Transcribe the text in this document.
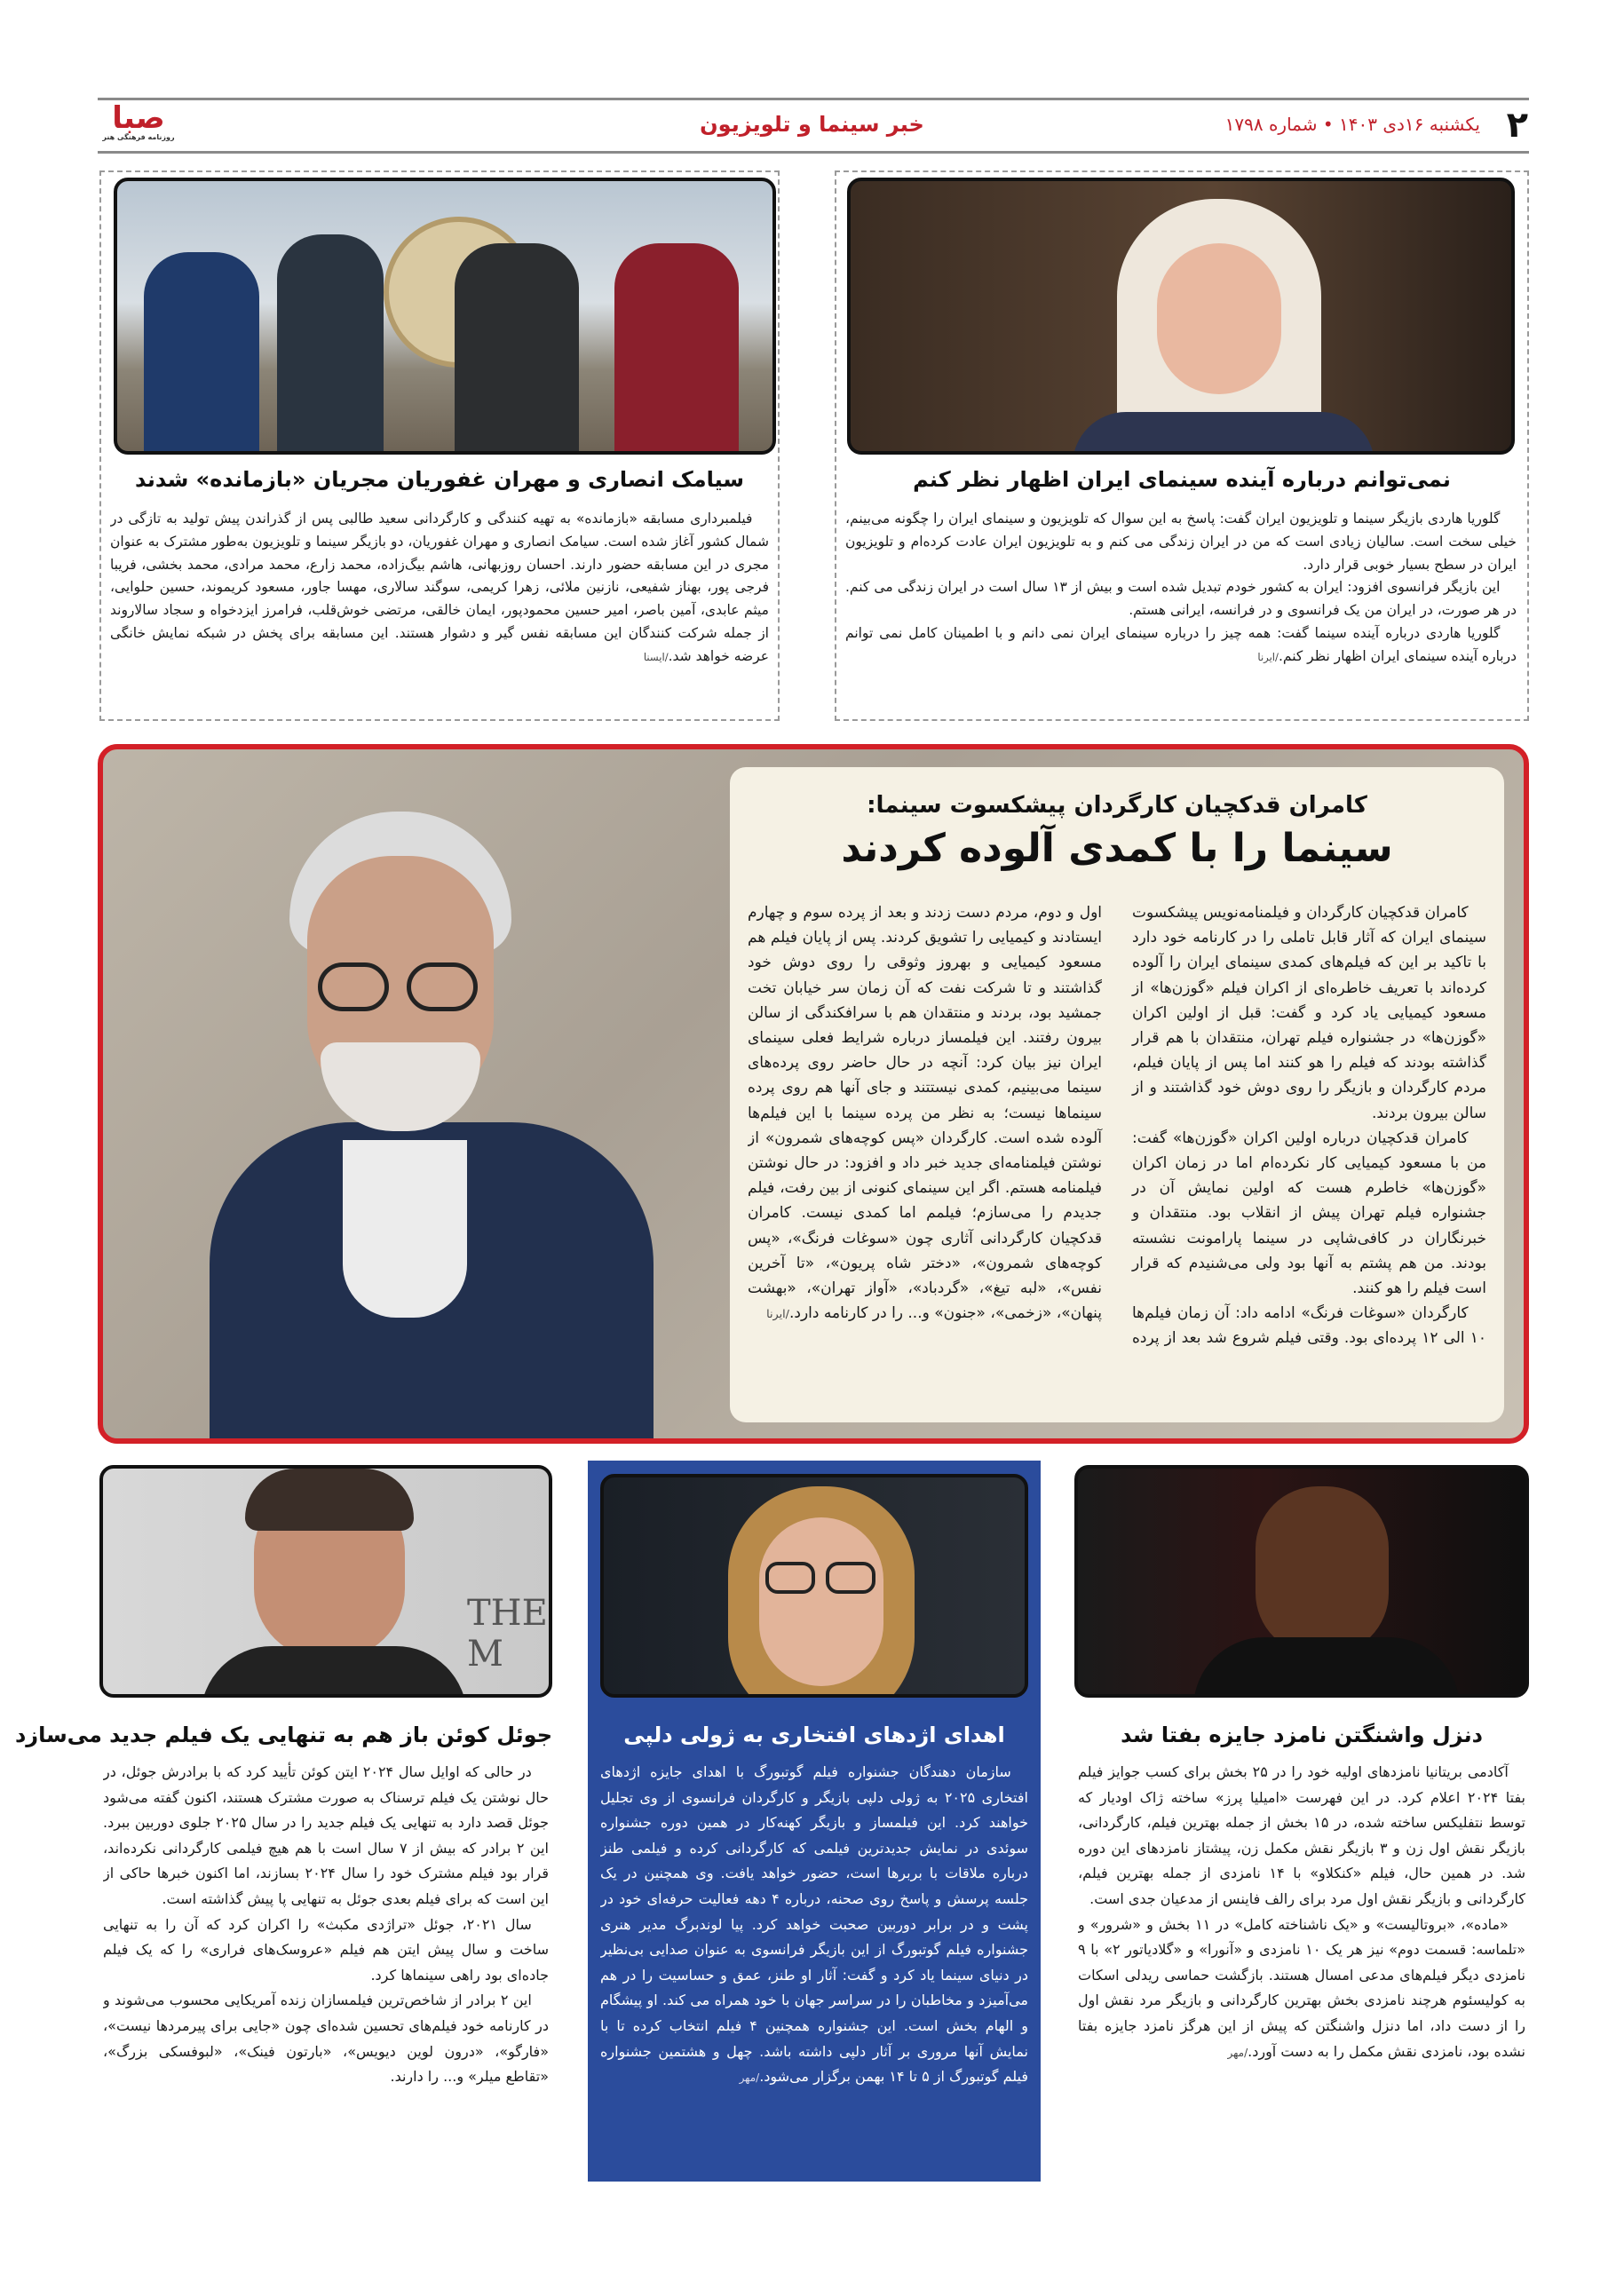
۲
یکشنبه ۱۶دی ۱۴۰۳ • شماره ۱۷۹۸
خبر سینما و تلویزیون
صبا
روزنامه فرهنگی هنر
نمی‌توانم درباره آینده سینمای ایران اظهار نظر کنم

گلوریا هاردی بازیگر سینما و تلویزیون ایران گفت: پاسخ به این سوال که تلویزیون و سینمای ایران را چگونه می‌بینم، خیلی سخت است. سالیان زیادی است که من در ایران زندگی می کنم و به تلویزیون ایران عادت کرده‌ام و تلویزیون ایران در سطح بسیار خوبی قرار دارد.

این بازیگر فرانسوی افزود: ایران به کشور خودم تبدیل شده است و بیش از ۱۳ سال است در ایران زندگی می کنم. در هر صورت، در ایران من یک فرانسوی و در فرانسه، ایرانی هستم.

گلوریا هاردی درباره آینده سینما گفت: همه چیز را درباره سینمای ایران نمی دانم و با اطمینان کامل نمی توانم درباره آینده سینمای ایران اظهار نظر کنم./ایرنا

سیامک انصاری و مهران غفوریان مجریان «بازمانده» شدند

فیلمبرداری مسابقه «بازمانده» به تهیه کنندگی و کارگردانی سعید طالبی پس از گذراندن پیش تولید به تازگی در شمال کشور آغاز شده است. سیامک انصاری و مهران غفوریان، دو بازیگر سینما و تلویزیون به‌طور مشترک به عنوان مجری در این مسابقه حضور دارند. احسان روزبهانی، هاشم بیگ‌زاده، محمد زارع، محمد مرادی، محمد بخشی، فریبا فرجی پور، بهناز شفیعی، نازنین ملائی، زهرا کریمی، سوگند سالاری، مهسا جاور، مسعود کریموند، حسین حلوایی، میثم عابدی، آمین باصر، امیر حسین محمودپور، ایمان خالقی، مرتضی خوش‌قلب، فرامرز ایزدخواه و سجاد سالاروند از جمله شرکت کنندگان این مسابقه نفس گیر و دشوار هستند. این مسابقه برای پخش در شبکه نمایش خانگی عرضه خواهد شد./ایسنا

کامران قدکچیان کارگردان پیشکسوت سینما:
سینما را با کمدی آلوده کردند

کامران قدکچیان کارگردان و فیلمنامه‌نویس پیشکسوت سینمای ایران که آثار قابل تاملی را در کارنامه خود دارد با تاکید بر این که فیلم‌های کمدی سینمای ایران را آلوده کرده‌اند با تعریف خاطره‌ای از اکران فیلم «گوزن‌ها» از مسعود کیمیایی یاد کرد و گفت: قبل از اولین اکران «گوزن‌ها» در جشنواره فیلم تهران، منتقدان با هم قرار گذاشته بودند که فیلم را هو کنند اما پس از پایان فیلم، مردم کارگردان و بازیگر را روی دوش خود گذاشتند و از سالن بیرون بردند.

کامران قدکچیان درباره اولین اکران «گوزن‌ها» گفت: من با مسعود کیمیایی کار نکرده‌ام اما در زمان اکران «گوزن‌ها» خاطرم هست که اولین نمایش آن در جشنواره فیلم تهران پیش از انقلاب بود. منتقدان و خبرنگاران در کافی‌شاپی در سینما پارامونت نشسته بودند. من هم پشتم به آنها بود ولی می‌شنیدم که قرار است فیلم را هو کنند.

کارگردان «سوغات فرنگ» ادامه داد: آن زمان فیلم‌ها ۱۰ الی ۱۲ پرده‌ای بود. وقتی فیلم شروع شد بعد از پرده اول و دوم، مردم دست زدند و بعد از پرده سوم و چهارم ایستادند و کیمیایی را تشویق کردند. پس از پایان فیلم هم مسعود کیمیایی و بهروز وثوقی را روی دوش خود گذاشتند و تا شرکت نفت که آن زمان سر خیابان تخت جمشید بود، بردند و منتقدان هم با سرافکندگی از سالن بیرون رفتند. این فیلمساز درباره شرایط فعلی سینمای ایران نیز بیان کرد: آنچه در حال حاضر روی پرده‌های سینما می‌بینیم، کمدی نیستتند و جای آنها هم روی پرده سینماها نیست؛ به نظر من پرده سینما با این فیلم‌ها آلوده شده است. کارگردان «پس کوچه‌های شمرون» از نوشتن فیلمنامه‌ای جدید خبر داد و افزود: در حال نوشتن فیلمنامه هستم. اگر این سینمای کنونی از بین رفت، فیلم جدیدم را می‌سازم؛ فیلمم اما کمدی نیست. کامران قدکچیان کارگردانی آثاری چون «سوغات فرنگ»، «پس کوچه‌های شمرون»، «دختر شاه پریون»، «تا آخرین نفس»، «لبه تیغ»، «گردباد»، «آواز تهران»، «بهشت پنهان»، «زخمی»، «جنون» و... را در کارنامه دارد./ایرنا

دنزل واشنگتن نامزد جایزه بفتا شد

آکادمی بریتانیا نامزدهای اولیه خود را در ۲۵ بخش برای کسب جوایز فیلم بفتا ۲۰۲۴ اعلام کرد. در این فهرست «امیلیا پرز» ساخته ژاک اودیار که توسط نتفلیکس ساخته شده، در ۱۵ بخش از جمله بهترین فیلم، کارگردانی، بازیگر نقش اول زن و ۳ بازیگر نقش مکمل زن، پیشتاز نامزدهای این دوره شد. در همین حال، فیلم «کنکلاو» با ۱۴ نامزدی از جمله بهترین فیلم، کارگردانی و بازیگر نقش اول مرد برای رالف فاینس از مدعیان جدی است.

«ماده»، «بروتالیست» و «یک ناشناخته کامل» در ۱۱ بخش و «شرور» و «تلماسه: قسمت دوم» نیز هر یک ۱۰ نامزدی و «آنورا» و «گلادیاتور ۲» با ۹ نامزدی دیگر فیلم‌های مدعی امسال هستند. بازگشت حماسی ریدلی اسکات به کولیسئوم هرچند نامزدی بخش بهترین کارگردانی و بازیگر مرد نقش اول را از دست داد، اما دنزل واشنگتن که پیش از این هرگز نامزد جایزه بفتا نشده بود، نامزدی نقش مکمل را به دست آورد./مهر

اهدای اژدهای افتخاری به ژولی دلپی

سازمان دهندگان جشنواره فیلم گوتبورگ با اهدای جایزه اژدهای افتخاری ۲۰۲۵ به ژولی دلپی بازیگر و کارگردان فرانسوی از وی تجلیل خواهند کرد. این فیلمساز و بازیگر کهنه‌کار در همین دوره جشنواره سوئدی در نمایش جدیدترین فیلمی که کارگردانی کرده و فیلمی طنز درباره ملاقات با بربرها است، حضور خواهد یافت. وی همچنین در یک جلسه پرسش و پاسخ روی صحنه، درباره ۴ دهه فعالیت حرفه‌ای خود در پشت و در برابر دوربین صحبت خواهد کرد. پیا لوندبرگ مدیر هنری جشنواره فیلم گوتبورگ از این بازیگر فرانسوی به عنوان صدایی بی‌نظیر در دنیای سینما یاد کرد و گفت: آثار او طنز، عمق و حساسیت را در هم می‌آمیزد و مخاطبان را در سراسر جهان با خود همراه می کند. او پیشگام و الهام بخش است. این جشنواره همچنین ۴ فیلم انتخاب کرده تا با نمایش آنها مروری بر آثار دلپی داشته باشد. چهل و هشتمین جشنواره فیلم گوتبورگ از ۵ تا ۱۴ بهمن برگزار می‌شود./مهر

THE M
جوئل کوئن باز هم به تنهایی یک فیلم جدید می‌سازد

در حالی که اوایل سال ۲۰۲۴ ایتن کوئن تأیید کرد که با برادرش جوئل، در حال نوشتن یک فیلم ترسناک به صورت مشترک هستند، اکنون گفته می‌شود جوئل قصد دارد به تنهایی یک فیلم جدید را در سال ۲۰۲۵ جلوی دوربین ببرد. این ۲ برادر که بیش از ۷ سال است با هم هیچ فیلمی کارگردانی نکرده‌اند، قرار بود فیلم مشترک خود را سال ۲۰۲۴ بسازند، اما اکنون خبرها حاکی از این است که برای فیلم بعدی جوئل به تنهایی پا پیش گذاشته است.

سال ۲۰۲۱، جوئل «تراژدی مکبث» را اکران کرد که آن را به تنهایی ساخت و سال پیش ایتن هم فیلم «عروسک‌های فراری» را که یک فیلم جاده‌ای بود راهی سینماها کرد.

این ۲ برادر از شاخص‌ترین فیلمسازان زنده آمریکایی محسوب می‌شوند و در کارنامه خود فیلم‌های تحسین شده‌ای چون «جایی برای پیرمردها نیست»، «فارگو»، «درون لوین دیویس»، «بارتون فینک»، «لبوفسکی بزرگ»، «تقاطع میلر» و... را دارند.
